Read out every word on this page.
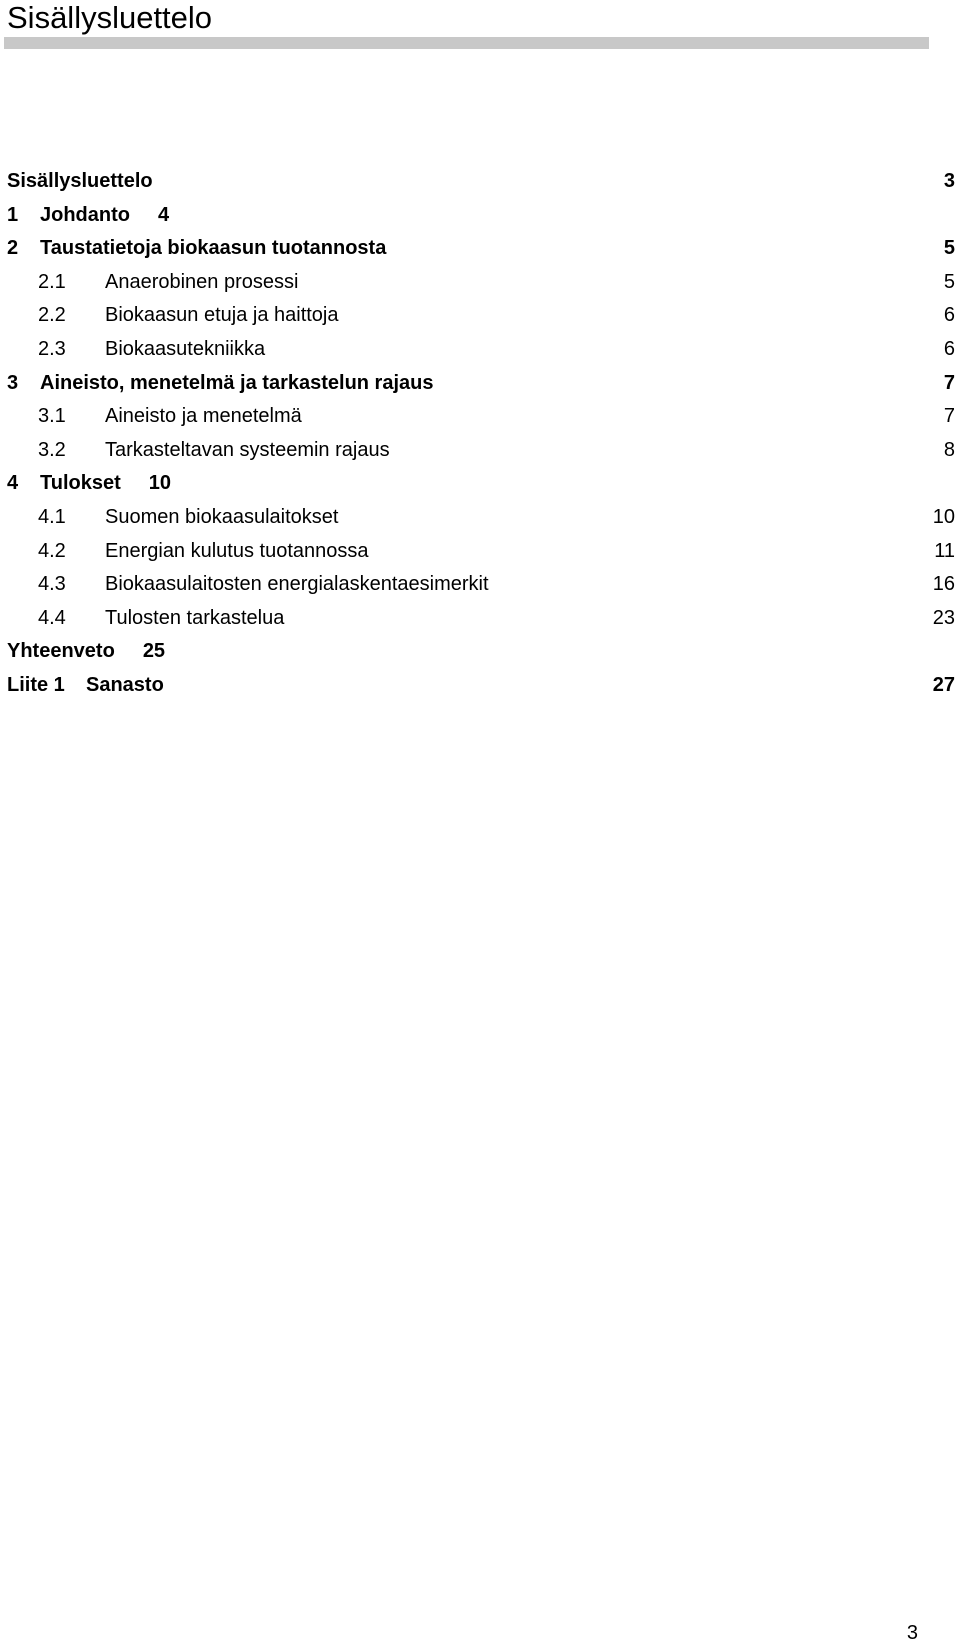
Sisällysluettelo
Sisällysluettelo	3
1 Johdanto 4
2 Taustatietoja biokaasun tuotannosta	5
2.1 Anaerobinen prosessi	5
2.2 Biokaasun etuja ja haittoja	6
2.3 Biokaasutekniikka	6
3 Aineisto, menetelmä ja tarkastelun rajaus	7
3.1 Aineisto ja menetelmä	7
3.2 Tarkasteltavan systeemin rajaus	8
4 Tulokset 10
4.1 Suomen biokaasulaitokset	10
4.2 Energian kulutus tuotannossa	11
4.3 Biokaasulaitosten energialaskentaesimerkit	16
4.4 Tulosten tarkastelua	23
Yhteenveto 25
Liite 1 Sanasto	27
3
